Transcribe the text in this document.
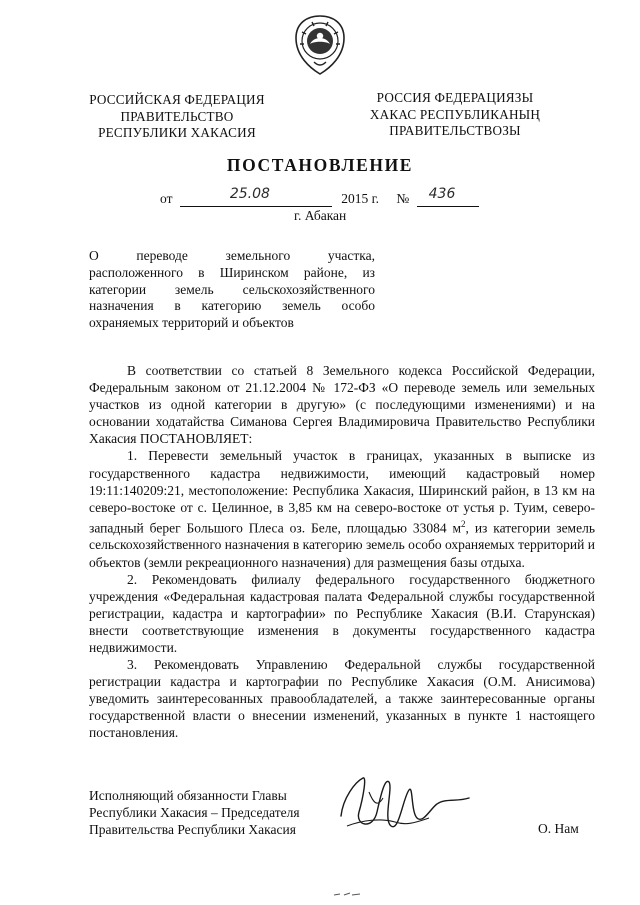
РОССИЙСКАЯ ФЕДЕРАЦИЯ
ПРАВИТЕЛЬСТВО
РЕСПУБЛИКИ ХАКАСИЯ
РОССИЯ ФЕДЕРАЦИЯЗЫ
ХАКАС РЕСПУБЛИКАНЫҢ
ПРАВИТЕЛЬСТВОЗЫ
ПОСТАНОВЛЕНИЕ
от	25.08	2015 г. № 436
г. Абакан
О переводе земельного участка,
расположенного в Ширинском районе, из
категории земель сельскохозяйственного
назначения в категорию земель особо
охраняемых территорий и объектов

В соответствии со статьей 8 Земельного кодекса Российской Федерации, Федеральным законом от 21.12.2004 № 172-ФЗ «О переводе земель или земельных участков из одной категории в другую» (с последующими изменениями) и на основании ходатайства Симанова Сергея Владимировича Правительство Республики Хакасия ПОСТАНОВЛЯЕТ:

1. Перевести земельный участок в границах, указанных в выписке из государственного кадастра недвижимости, имеющий кадастровый номер 19:11:140209:21, местоположение: Республика Хакасия, Ширинский район, в 13 км на северо-востоке от с. Целинное, в 3,85 км на северо-востоке от устья р. Туим, северо-западный берег Большого Плеса оз. Беле, площадью 33084 $м^2$, из категории земель сельскохозяйственного назначения в категорию земель особо охраняемых территорий и объектов (земли рекреационного назначения) для размещения базы отдыха.

2. Рекомендовать филиалу федерального государственного бюджетного учреждения «Федеральная кадастровая палата Федеральной службы государственной регистрации, кадастра и картографии» по Республике Хакасия (В.И. Старунская) внести соответствующие изменения в документы государственного кадастра недвижимости.

3. Рекомендовать Управлению Федеральной службы государственной регистрации кадастра и картографии по Республике Хакасия (О.М. Анисимова) уведомить заинтересованных правообладателей, а также заинтересованные органы государственной власти о внесении изменений, указанных в пункте 1 настоящего постановления.

Исполняющий обязанности Главы
Республики Хакасия – Председателя
Правительства Республики Хакасия	О. Нам
